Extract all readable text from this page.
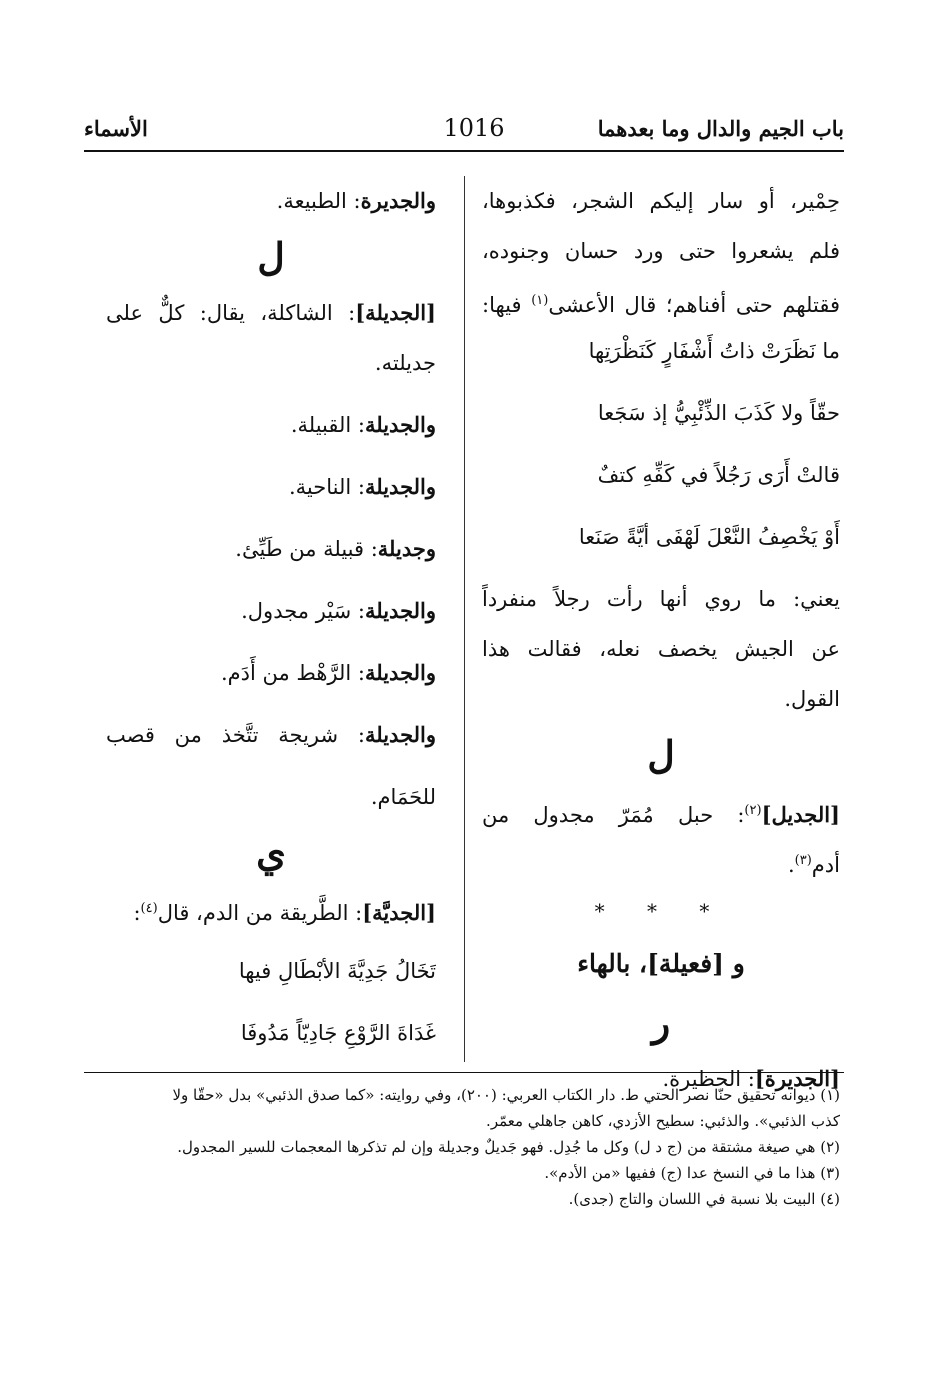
باب الجيم والدال وما بعدهما
1016
الأسماء
حِمْير، أو سار إليكم الشجر، فكذبوها،
فلم يشعروا حتى ورد حسان وجنوده،
فقتلهم حتى أفناهم؛ قال الأعشى$^{(١)}$ فيها:
ما نَظَرَتْ ذاتُ أَشْفَارٍ كَنَظْرَتِها
حقّاً ولا كَذَبَ الذِّئْبِيُّ إذ سَجَعا
قالتْ أَرَى رَجُلاً في كَفِّهِ كتفٌ
أَوْ يَخْصِفُ النَّعْلَ لَهْفَى أيَّةً صَنَعا
يعني: ما روي أنها رأت رجلاً منفرداً
عن الجيش يخصف نعله، فقالت هذا
القول.
ل
[الجديل]$^{(٢)}$: حبل مُمَرّ مجدول من
أدم$^{(٣)}$.
* * *
و [فعيلة]، بالهاء
ر
[الجديرة]: الحظيرة.
والجديرة: الطبيعة.
ل
[الجديلة]: الشاكلة، يقال: كلٌّ على
جديلته.
والجديلة: القبيلة.
والجديلة: الناحية.
وجديلة: قبيلة من طَيِّئ.
والجديلة: سَيْر مجدول.
والجديلة: الرَّهْط من أَدَم.
والجديلة: شريجة تتَّخذ من قصب
للحَمَام.
ي
[الجديَّة]: الطَّريقة من الدم، قال$^{(٤)}$:
تَخَالُ جَدِيَّةَ الأبْطَالِ فيها
غَدَاةَ الرَّوْعِ جَادِيّاً مَدُوفَا
(١) ديوانه تحقيق حنّا نصر الحتي ط. دار الكتاب العربي: (٢٠٠)، وفي روايته: «كما صدق الذئبي» بدل «حقّا ولا
كذب الذئبي». والذئبي: سطيح الأزدي، كاهن جاهلي معمّر.
(٢) هي صيغة مشتقة من (ج د ل) وكل ما جُدِل. فهو جَديلٌ وجديلة وإن لم تذكرها المعجمات للسير المجدول.
(٣) هذا ما في النسخ عدا (ج) ففيها «من الأدم».
(٤) البيت بلا نسبة في اللسان والتاج (جدى).
